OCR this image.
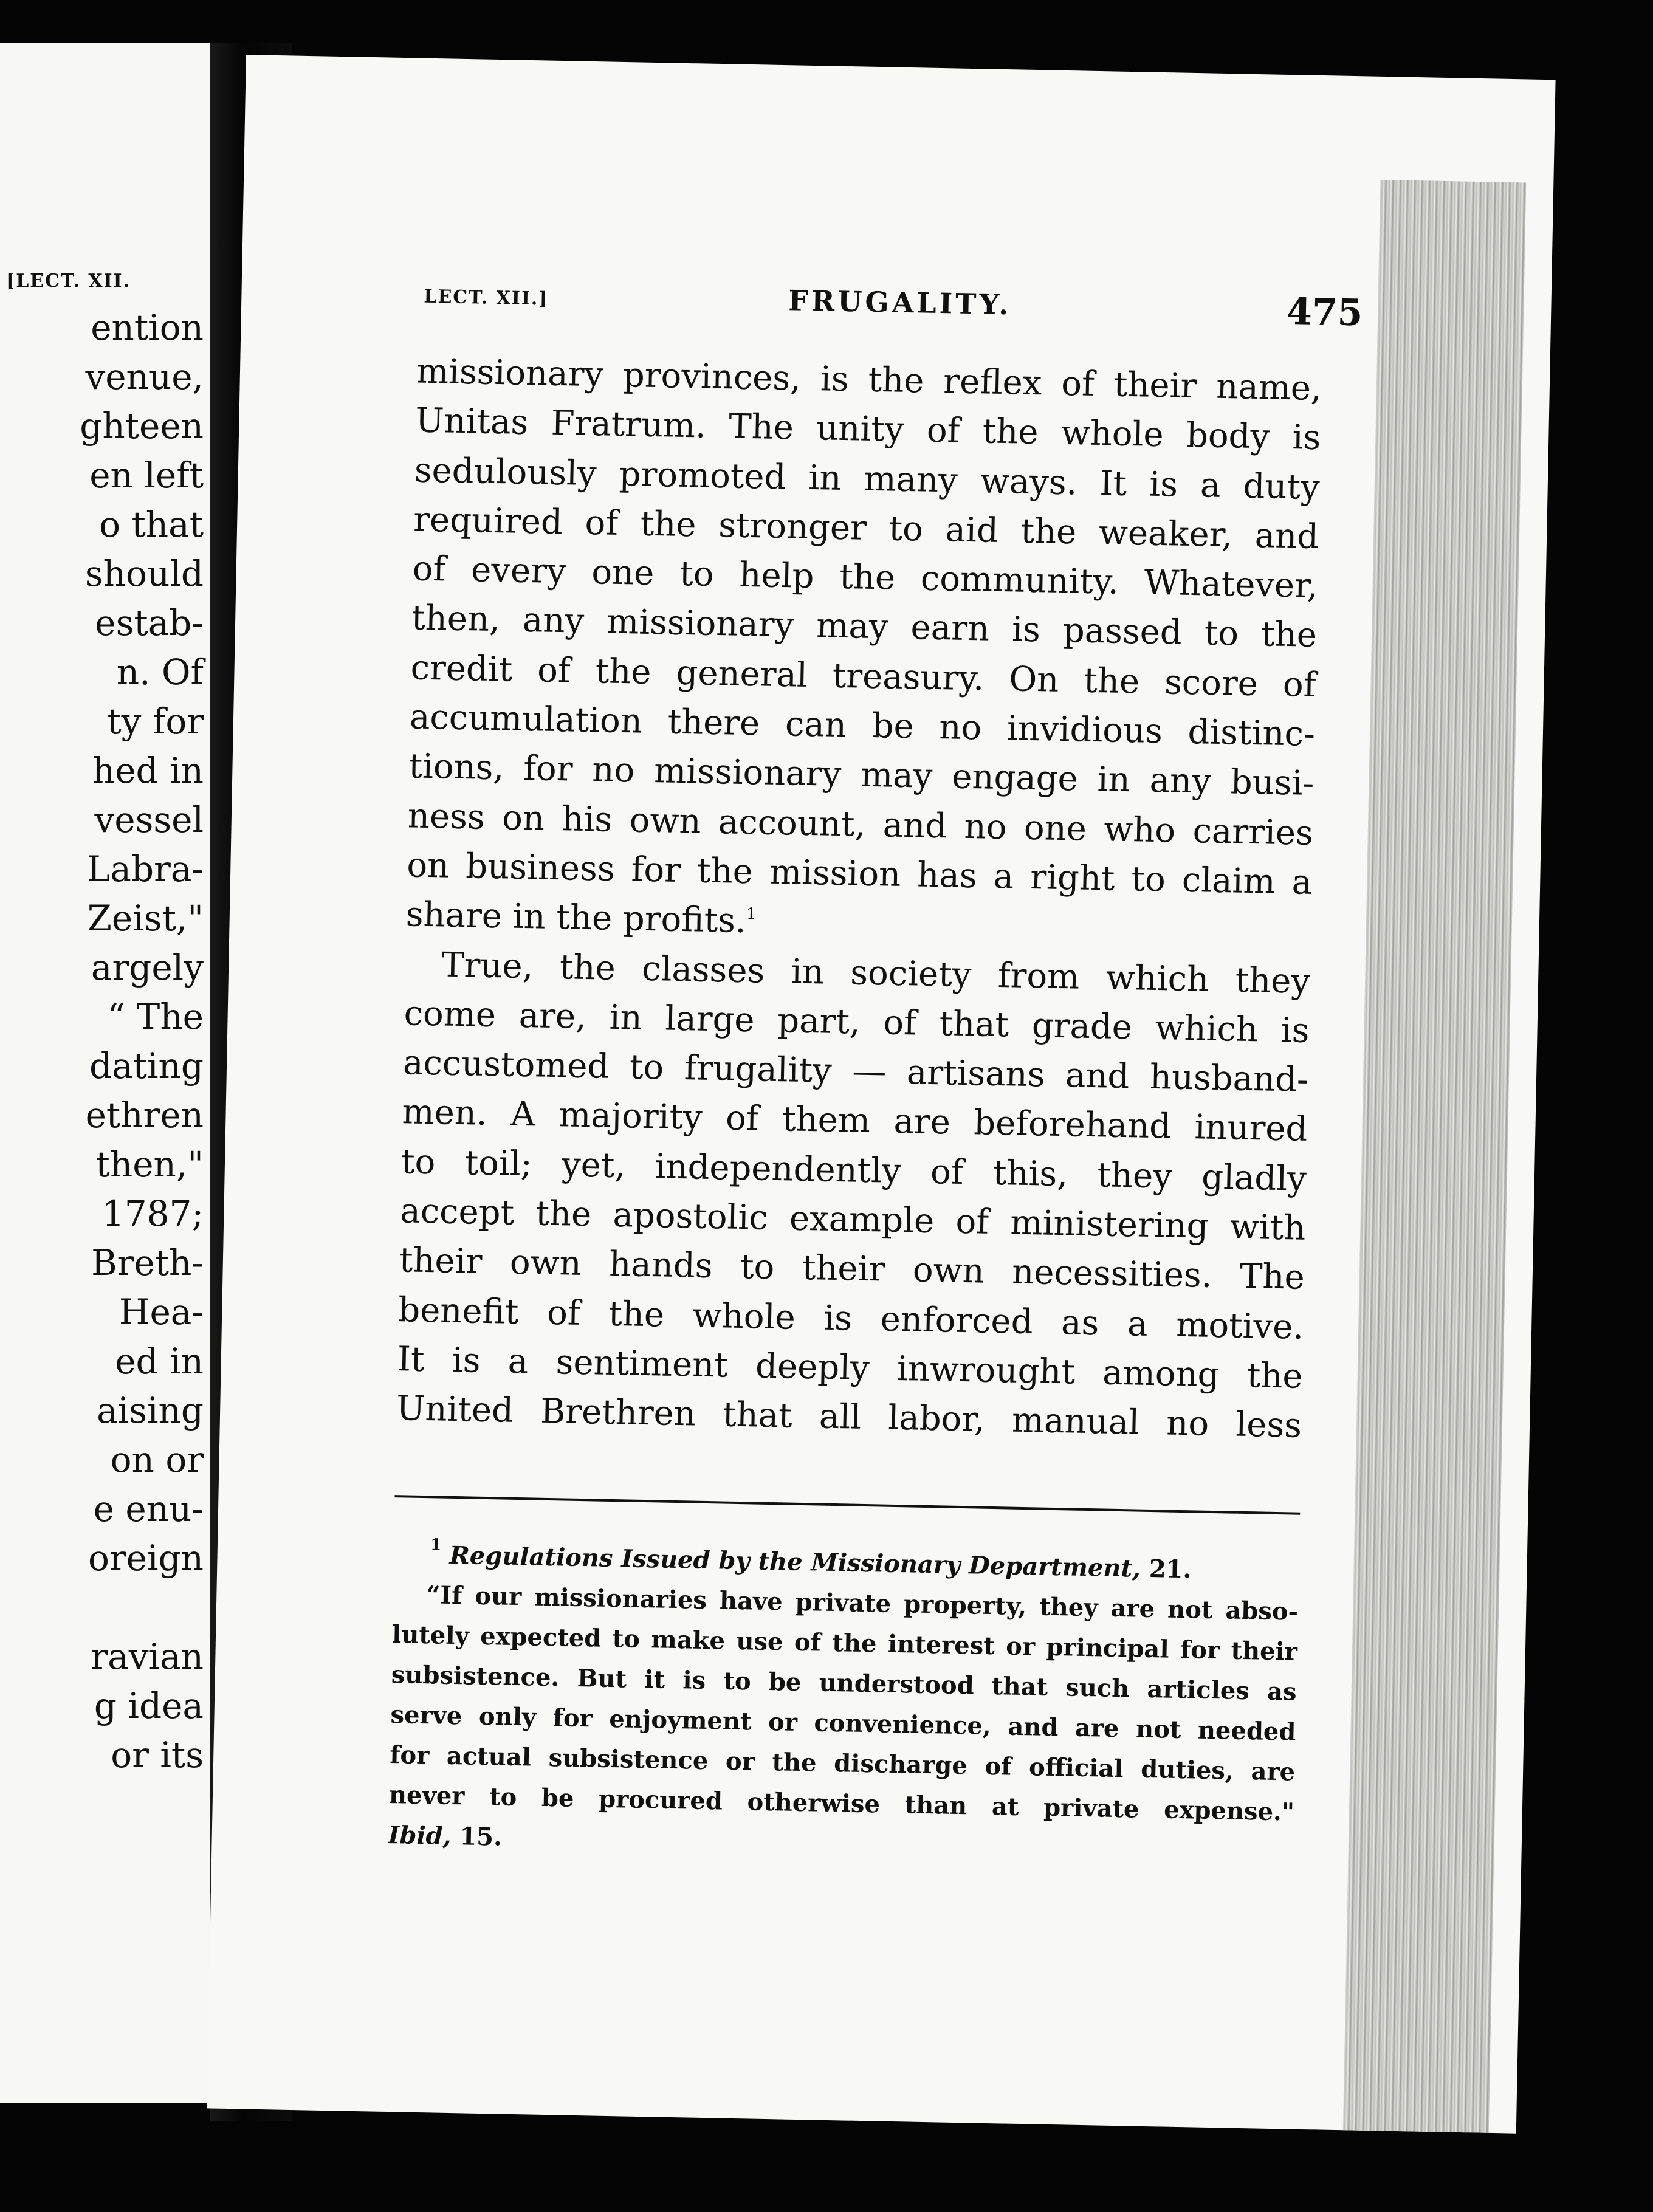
[LECT. XII.
ention
venue,
ghteen
en left
o that
should
estab-
n. Of
ty for
hed in
vessel
Labra-
Zeist,"
argely
“ The
dating
ethren
then,"
1787;
Breth-
Hea-
ed in
aising
on or
e enu-
oreign
ravian
g idea
or its
LECT. XII.]	FRUGALITY.	475
missionary provinces, is the reflex of their name,
Unitas Fratrum. The unity of the whole body is
sedulously promoted in many ways. It is a duty
required of the stronger to aid the weaker, and
of every one to help the community. Whatever,
then, any missionary may earn is passed to the
credit of the general treasury. On the score of
accumulation there can be no invidious distinc-
tions, for no missionary may engage in any busi-
ness on his own account, and no one who carries
on business for the mission has a right to claim a
share in the profits.$^1$
True, the classes in society from which they
come are, in large part, of that grade which is
accustomed to frugality — artisans and husband-
men. A majority of them are beforehand inured
to toil; yet, independently of this, they gladly
accept the apostolic example of ministering with
their own hands to their own necessities. The
benefit of the whole is enforced as a motive.
It is a sentiment deeply inwrought among the
United Brethren that all labor, manual no less
$^1$ Regulations Issued by the Missionary Department, 21.
“If our missionaries have private property, they are not abso-
lutely expected to make use of the interest or principal for their
subsistence. But it is to be understood that such articles as
serve only for enjoyment or convenience, and are not needed
for actual subsistence or the discharge of official duties, are
never to be procured otherwise than at private expense."
Ibid, 15.
